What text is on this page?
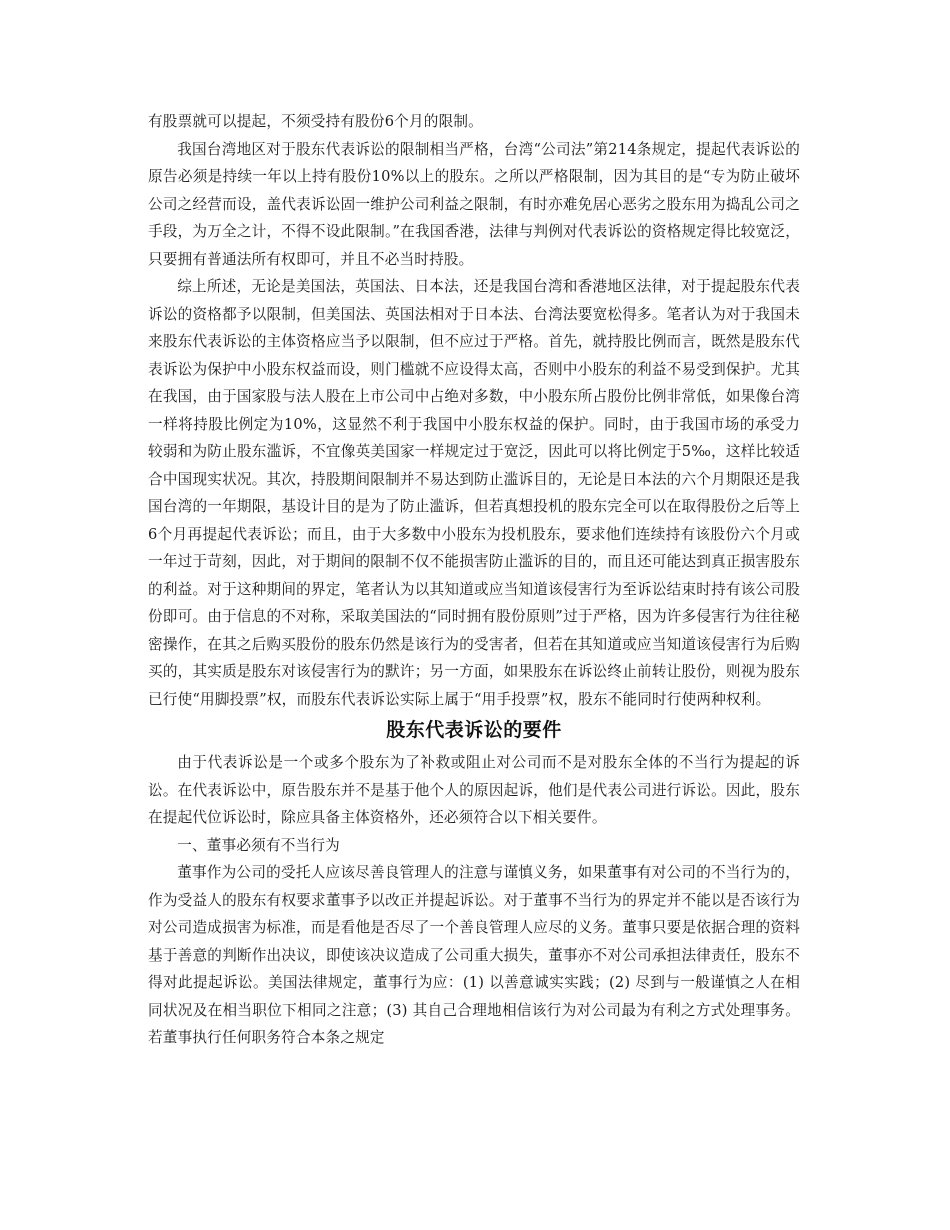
有股票就可以提起，不须受持有股份6个月的限制。

我国台湾地区对于股东代表诉讼的限制相当严格，台湾“公司法”第214条规定，提起代表诉讼的原告必须是持续一年以上持有股份10%以上的股东。之所以严格限制，因为其目的是“专为防止破坏公司之经营而设，盖代表诉讼固一维护公司利益之限制，有时亦难免居心恶劣之股东用为捣乱公司之手段，为万全之计，不得不设此限制。”在我国香港，法律与判例对代表诉讼的资格规定得比较宽泛，只要拥有普通法所有权即可，并且不必当时持股。

综上所述，无论是美国法，英国法、日本法，还是我国台湾和香港地区法律，对于提起股东代表诉讼的资格都予以限制，但美国法、英国法相对于日本法、台湾法要宽松得多。笔者认为对于我国未来股东代表诉讼的主体资格应当予以限制，但不应过于严格。首先，就持股比例而言，既然是股东代表诉讼为保护中小股东权益而设，则门槛就不应设得太高，否则中小股东的利益不易受到保护。尤其在我国，由于国家股与法人股在上市公司中占绝对多数，中小股东所占股份比例非常低，如果像台湾一样将持股比例定为10%，这显然不利于我国中小股东权益的保护。同时，由于我国市场的承受力较弱和为防止股东滥诉，不宜像英美国家一样规定过于宽泛，因此可以将比例定于5‰，这样比较适合中国现实状况。其次，持股期间限制并不易达到防止滥诉目的，无论是日本法的六个月期限还是我国台湾的一年期限，基设计目的是为了防止滥诉，但若真想投机的股东完全可以在取得股份之后等上6个月再提起代表诉讼；而且，由于大多数中小股东为投机股东，要求他们连续持有该股份六个月或一年过于苛刻，因此，对于期间的限制不仅不能损害防止滥诉的目的，而且还可能达到真正损害股东的利益。对于这种期间的界定，笔者认为以其知道或应当知道该侵害行为至诉讼结束时持有该公司股份即可。由于信息的不对称，采取美国法的“同时拥有股份原则”过于严格，因为许多侵害行为往往秘密操作，在其之后购买股份的股东仍然是该行为的受害者，但若在其知道或应当知道该侵害行为后购买的，其实质是股东对该侵害行为的默许；另一方面，如果股东在诉讼终止前转让股份，则视为股东已行使“用脚投票”权，而股东代表诉讼实际上属于“用手投票”权，股东不能同时行使两种权利。

股东代表诉讼的要件

由于代表诉讼是一个或多个股东为了补救或阻止对公司而不是对股东全体的不当行为提起的诉讼。在代表诉讼中，原告股东并不是基于他个人的原因起诉，他们是代表公司进行诉讼。因此，股东在提起代位诉讼时，除应具备主体资格外，还必须符合以下相关要件。

一、董事必须有不当行为

董事作为公司的受托人应该尽善良管理人的注意与谨慎义务，如果董事有对公司的不当行为的，作为受益人的股东有权要求董事予以改正并提起诉讼。对于董事不当行为的界定并不能以是否该行为对公司造成损害为标准，而是看他是否尽了一个善良管理人应尽的义务。董事只要是依据合理的资料基于善意的判断作出决议，即使该决议造成了公司重大损失，董事亦不对公司承担法律责任，股东不得对此提起诉讼。美国法律规定，董事行为应：(1) 以善意诚实实践；(2) 尽到与一般谨慎之人在相同状况及在相当职位下相同之注意；(3) 其自己合理地相信该行为对公司最为有利之方式处理事务。若董事执行任何职务符合本条之规定
